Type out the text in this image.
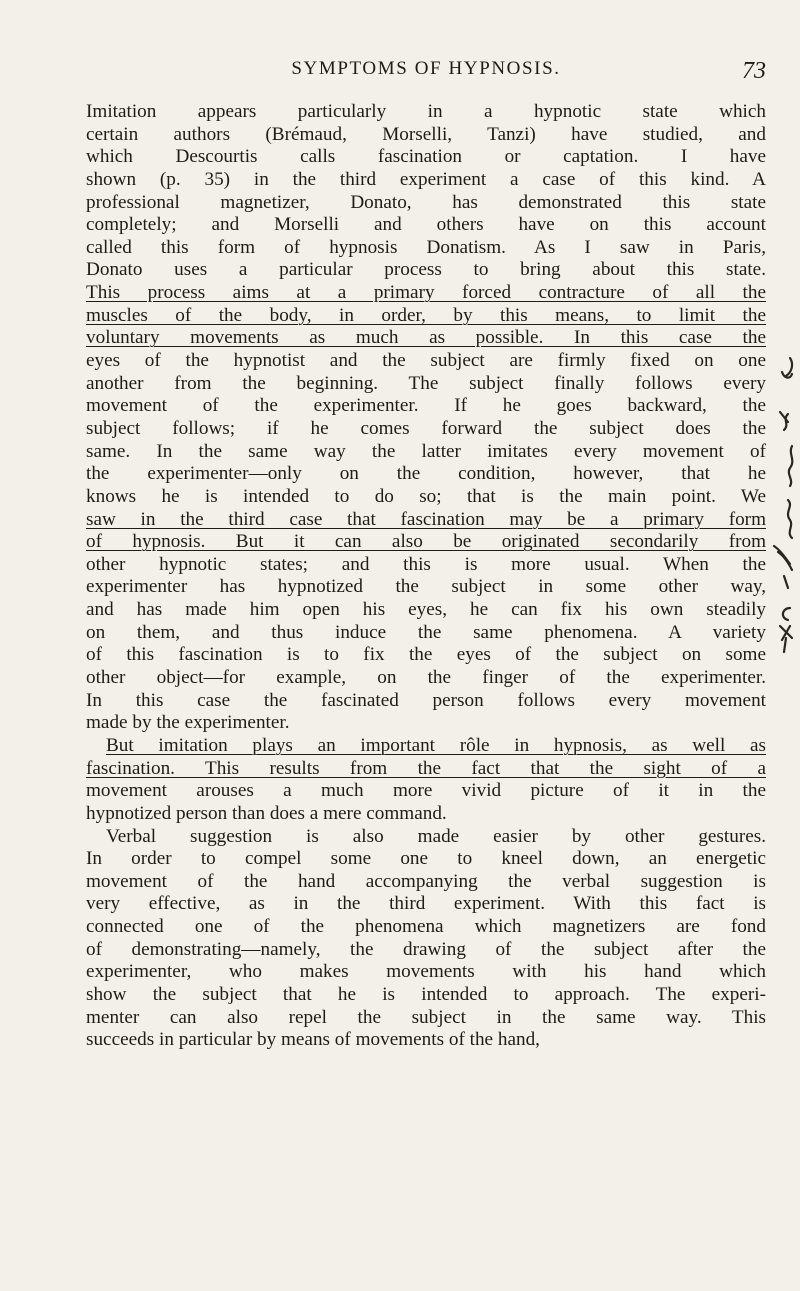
SYMPTOMS OF HYPNOSIS.	73
Imitation appears particularly in a hypnotic state which
certain authors (Brémaud, Morselli, Tanzi) have studied, and
which Descourtis calls fascination or captation. I have
shown (p. 35) in the third experiment a case of this kind. A
professional magnetizer, Donato, has demonstrated this state
completely; and Morselli and others have on this account
called this form of hypnosis Donatism. As I saw in Paris,
Donato uses a particular process to bring about this state.
This process aims at a primary forced contracture of all the
muscles of the body, in order, by this means, to limit the
voluntary movements as much as possible. In this case the
eyes of the hypnotist and the subject are firmly fixed on one
another from the beginning. The subject finally follows every
movement of the experimenter. If he goes backward, the
subject follows; if he comes forward the subject does the
same. In the same way the latter imitates every movement of
the experimenter—only on the condition, however, that he
knows he is intended to do so; that is the main point. We
saw in the third case that fascination may be a primary form
of hypnosis. But it can also be originated secondarily from
other hypnotic states; and this is more usual. When the
experimenter has hypnotized the subject in some other way,
and has made him open his eyes, he can fix his own steadily
on them, and thus induce the same phenomena. A variety
of this fascination is to fix the eyes of the subject on some
other object—for example, on the finger of the experimenter.
In this case the fascinated person follows every movement
made by the experimenter.
But imitation plays an important rôle in hypnosis, as well as
fascination. This results from the fact that the sight of a
movement arouses a much more vivid picture of it in the
hypnotized person than does a mere command.
Verbal suggestion is also made easier by other gestures.
In order to compel some one to kneel down, an energetic
movement of the hand accompanying the verbal suggestion is
very effective, as in the third experiment. With this fact is
connected one of the phenomena which magnetizers are fond
of demonstrating—namely, the drawing of the subject after the
experimenter, who makes movements with his hand which
show the subject that he is intended to approach. The experi-
menter can also repel the subject in the same way. This
succeeds in particular by means of movements of the hand,
